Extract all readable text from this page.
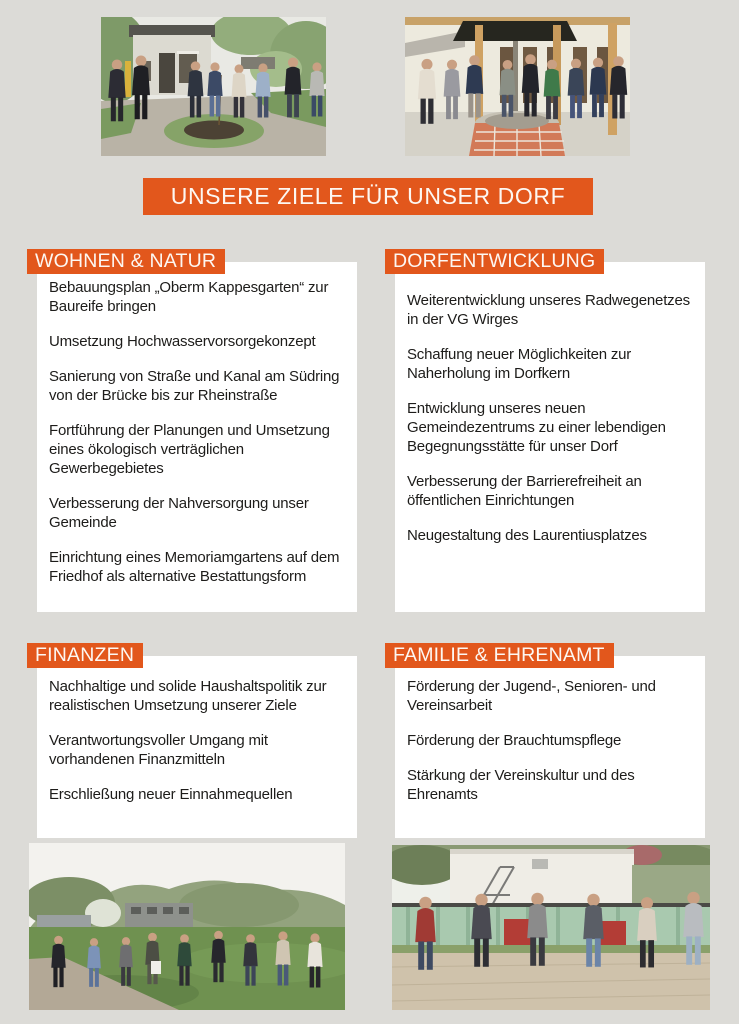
UNSERE ZIELE FÜR UNSER DORF
WOHNEN & NATUR

Bebauungsplan „Oberm Kappesgarten“ zur Baureife bringen

Umsetzung Hochwasservorsorgekonzept

Sanierung von Straße und Kanal am Südring von der Brücke bis zur Rheinstraße

Fortführung der Planungen und Umsetzung eines ökologisch verträglichen Gewerbegebietes

Verbesserung der Nahversorgung unser Gemeinde

Einrichtung eines Memoriamgartens auf dem Friedhof als alternative Bestattungsform

DORFENTWICKLUNG

Weiterentwicklung unseres Radwegenetzes in der VG Wirges

Schaffung neuer Möglichkeiten zur Naherholung im Dorfkern

Entwicklung unseres neuen Gemeindezentrums zu einer lebendigen Begegnungsstätte für unser Dorf

Verbesserung der Barrierefreiheit an öffentlichen Einrichtungen

Neugestaltung des Laurentiusplatzes

FINANZEN

Nachhaltige und solide Haushaltspolitik zur realistischen Umsetzung unserer Ziele

Verantwortungsvoller Umgang mit vorhandenen Finanzmitteln

Erschließung neuer Einnahmequellen

FAMILIE & EHRENAMT

Förderung der Jugend-, Senioren- und Vereinsarbeit

Förderung der Brauchtumspflege

Stärkung der Vereinskultur und des Ehrenamts
